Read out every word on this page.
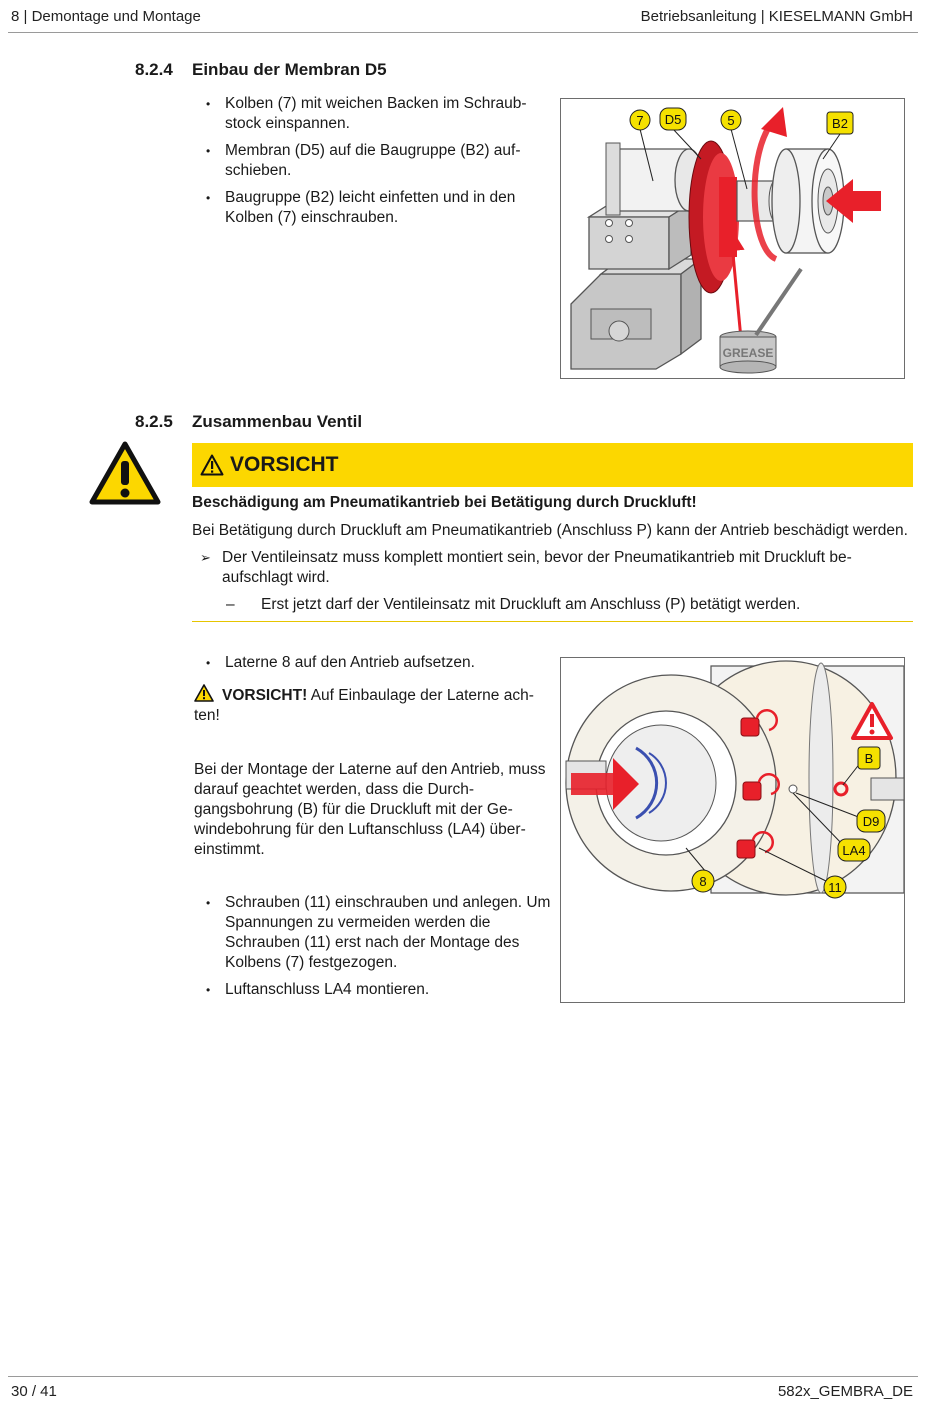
8 | Demontage und Montage	Betriebsanleitung | KIESELMANN GmbH
8.2.4 Einbau der Membran D5
• Kolben (7) mit weichen Backen im Schraub-stock einspannen.
• Membran (D5) auf die Baugruppe (B2) auf-schieben.
• Baugruppe (B2) leicht einfetten und in den Kolben (7) einschrauben.
GREASE
7 D5	5	B2
8.2.5 Zusammenbau Ventil
VORSICHT
Beschädigung am Pneumatikantrieb bei Betätigung durch Druckluft!
Bei Betätigung durch Druckluft am Pneumatikantrieb (Anschluss P) kann der Antrieb beschädigt werden.
➢ Der Ventileinsatz muss komplett montiert sein, bevor der Pneumatikantrieb mit Druckluft be-aufschlagt wird.
– Erst jetzt darf der Ventileinsatz mit Druckluft am Anschluss (P) betätigt werden.
• Laterne 8 auf den Antrieb aufsetzen.
VORSICHT! Auf Einbaulage der Laterne ach-ten!
Bei der Montage der Laterne auf den Antrieb, muss darauf geachtet werden, dass die Durch-gangsbohrung (B) für die Druckluft mit der Ge-windebohrung für den Luftanschluss (LA4) über-einstimmt.
• Schrauben (11) einschrauben und anlegen. Um Spannungen zu vermeiden werden die Schrauben (11) erst nach der Montage des Kolbens (7) festgezogen.
• Luftanschluss LA4 montieren.
B
D9
LA4
8	11
30 / 41	582x_GEMBRA_DE
